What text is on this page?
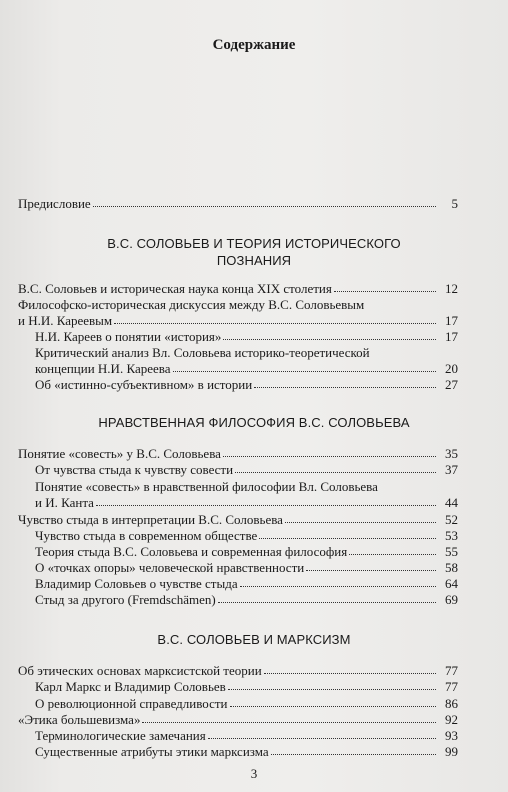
Содержание
Предисловие	5
В.С. СОЛОВЬЕВ И ТЕОРИЯ ИСТОРИЧЕСКОГО
ПОЗНАНИЯ
В.С. Соловьев и историческая наука конца XIX столетия	12
Философско-историческая дискуссия между В.С. Соловьевым
и Н.И. Кареевым	17
Н.И. Кареев о понятии «история»	17
Критический анализ Вл. Соловьева историко-теоретической
концепции Н.И. Кареева	20
Об «истинно-субъективном» в истории	27
НРАВСТВЕННАЯ ФИЛОСОФИЯ В.С. СОЛОВЬЕВА
Понятие «совесть» у В.С. Соловьева	35
От чувства стыда к чувству совести	37
Понятие «совесть» в нравственной философии Вл. Соловьева
и И. Канта	44
Чувство стыда в интерпретации В.С. Соловьева	52
Чувство стыда в современном обществе	53
Теория стыда В.С. Соловьева и современная философия	55
О «точках опоры» человеческой нравственности	58
Владимир Соловьев о чувстве стыда	64
Стыд за другого (Fremdschämen)	69
В.С. СОЛОВЬЕВ И МАРКСИЗМ
Об этических основах марксистской теории	77
Карл Маркс и Владимир Соловьев	77
О революционной справедливости	86
«Этика большевизма»	92
Терминологические замечания	93
Существенные атрибуты этики марксизма	99
3
